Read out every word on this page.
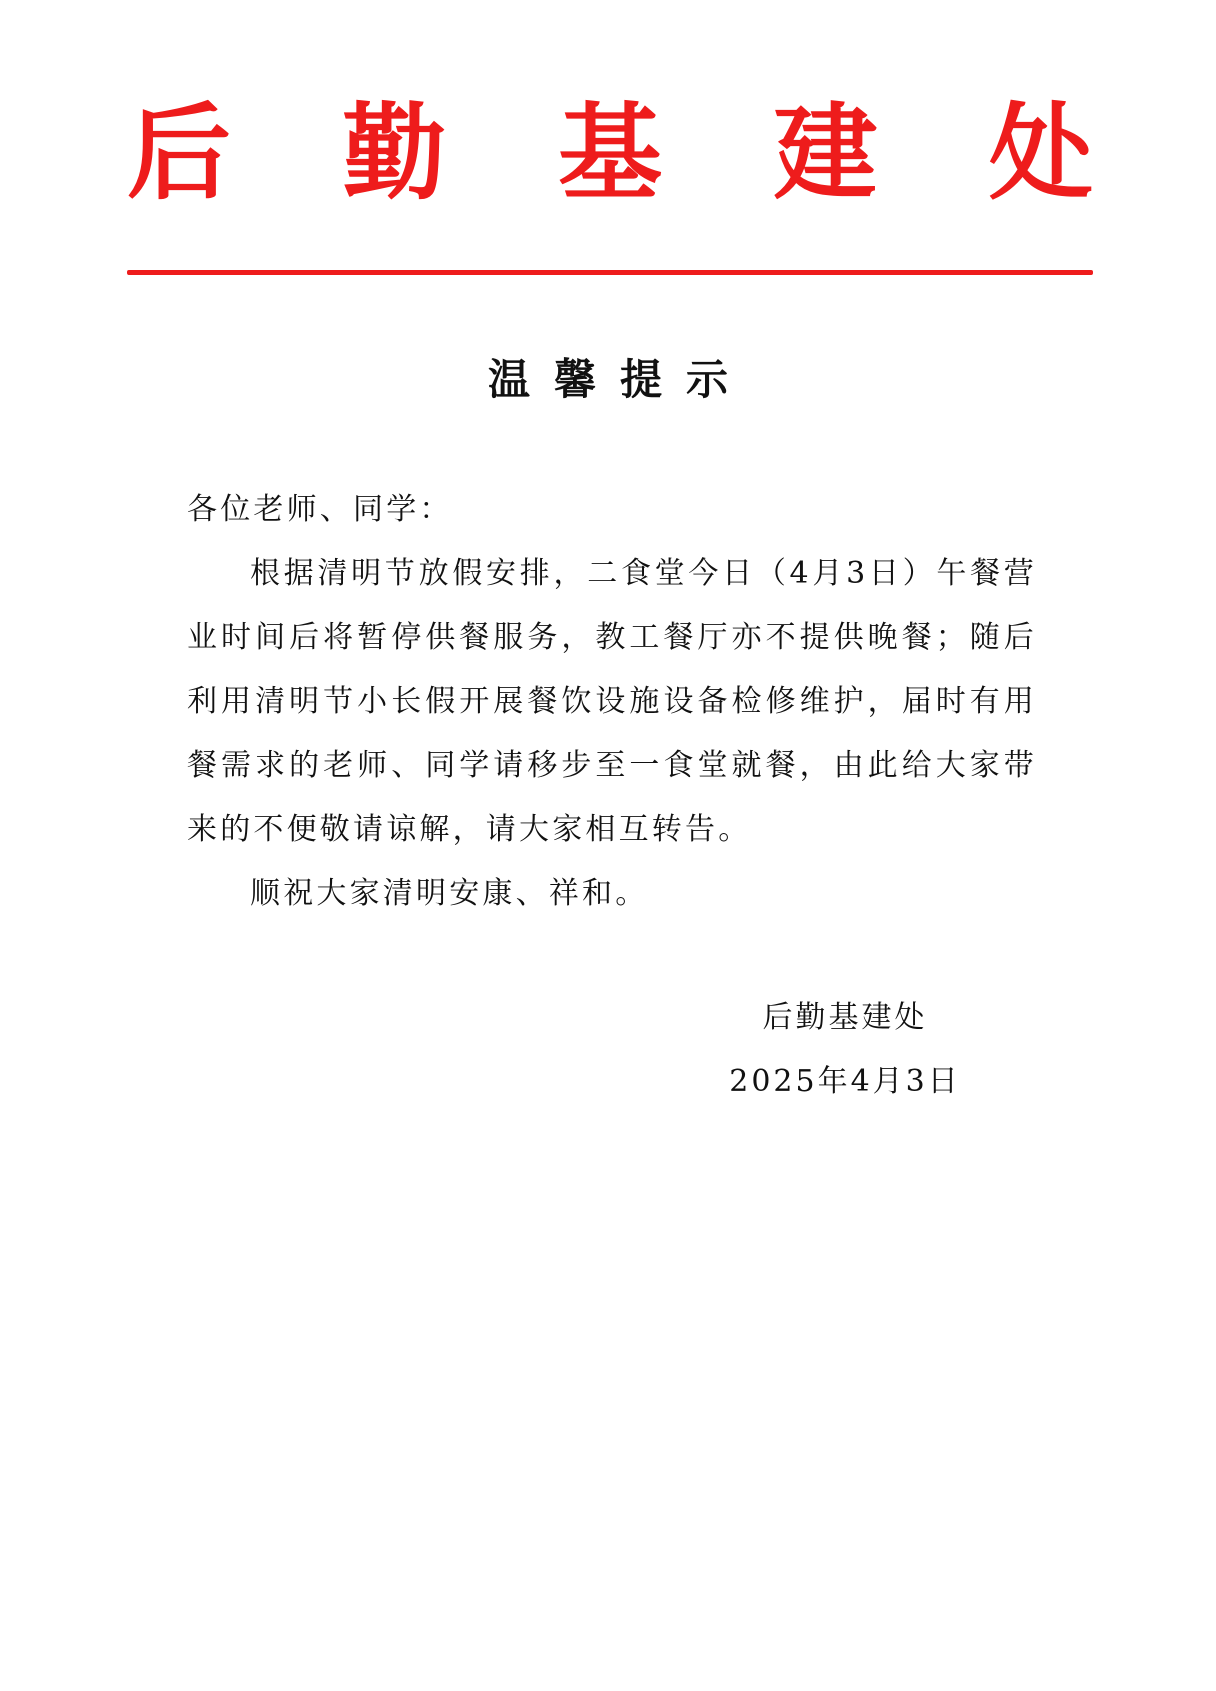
后 勤 基 建 处
温馨提示

各位老师、同学：

根据清明节放假安排，二食堂今日（4月3日）午餐营业时间后将暂停供餐服务，教工餐厅亦不提供晚餐；随后利用清明节小长假开展餐饮设施设备检修维护，届时有用餐需求的老师、同学请移步至一食堂就餐，由此给大家带来的不便敬请谅解，请大家相互转告。

顺祝大家清明安康、祥和。

后勤基建处
2025年4月3日
